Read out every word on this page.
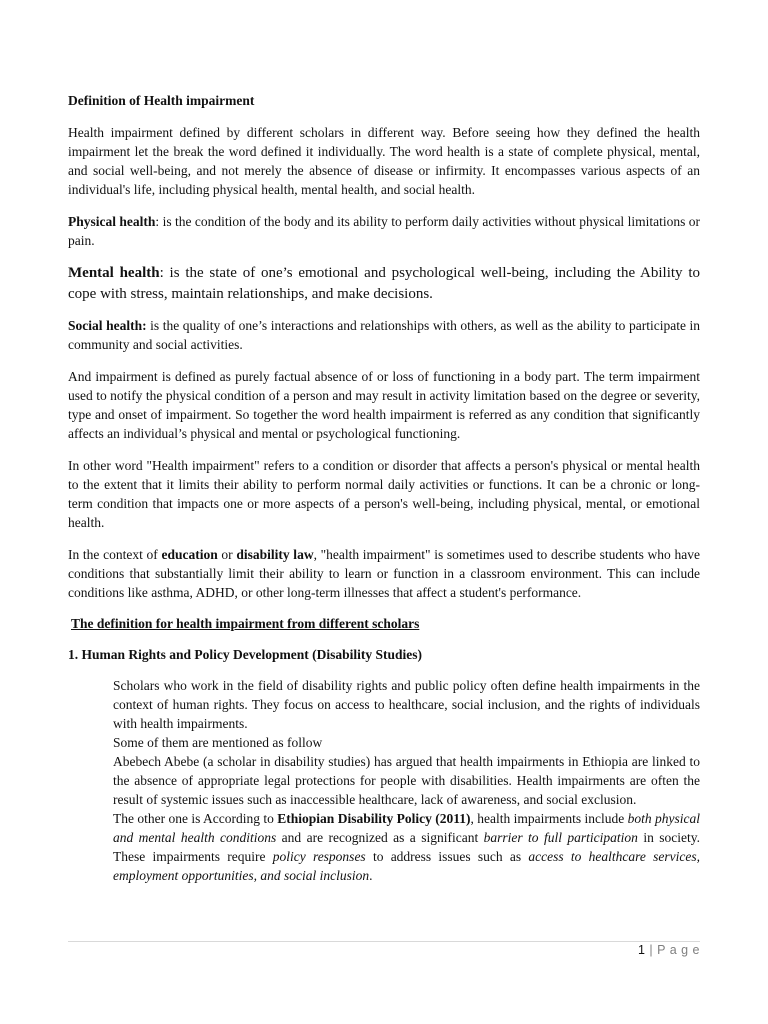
Definition of Health impairment

Health impairment defined by different scholars in different way. Before seeing how they defined the health impairment let the break the word defined it individually. The word health is a state of complete physical, mental, and social well-being, and not merely the absence of disease or infirmity. It encompasses various aspects of an individual's life, including physical health, mental health, and social health.

Physical health: is the condition of the body and its ability to perform daily activities without physical limitations or pain.

Mental health: is the state of one’s emotional and psychological well-being, including the Ability to cope with stress, maintain relationships, and make decisions.

Social health: is the quality of one’s interactions and relationships with others, as well as the ability to participate in community and social activities.

And impairment is defined as purely factual absence of or loss of functioning in a body part. The term impairment used to notify the physical condition of a person and may result in activity limitation based on the degree or severity, type and onset of impairment. So together the word health impairment is referred as any condition that significantly affects an individual’s physical and mental or psychological functioning.

In other word "Health impairment" refers to a condition or disorder that affects a person's physical or mental health to the extent that it limits their ability to perform normal daily activities or functions. It can be a chronic or long-term condition that impacts one or more aspects of a person's well-being, including physical, mental, or emotional health.

In the context of education or disability law, "health impairment" is sometimes used to describe students who have conditions that substantially limit their ability to learn or function in a classroom environment. This can include conditions like asthma, ADHD, or other long-term illnesses that affect a student's performance.

The definition for health impairment from different scholars
1. Human Rights and Policy Development (Disability Studies)

Scholars who work in the field of disability rights and public policy often define health impairments in the context of human rights. They focus on access to healthcare, social inclusion, and the rights of individuals with health impairments.

Some of them are mentioned as follow

Abebech Abebe (a scholar in disability studies) has argued that health impairments in Ethiopia are linked to the absence of appropriate legal protections for people with disabilities. Health impairments are often the result of systemic issues such as inaccessible healthcare, lack of awareness, and social exclusion.

The other one is According to Ethiopian Disability Policy (2011), health impairments include both physical and mental health conditions and are recognized as a significant barrier to full participation in society. These impairments require policy responses to address issues such as access to healthcare services, employment opportunities, and social inclusion.

1 | P a g e
